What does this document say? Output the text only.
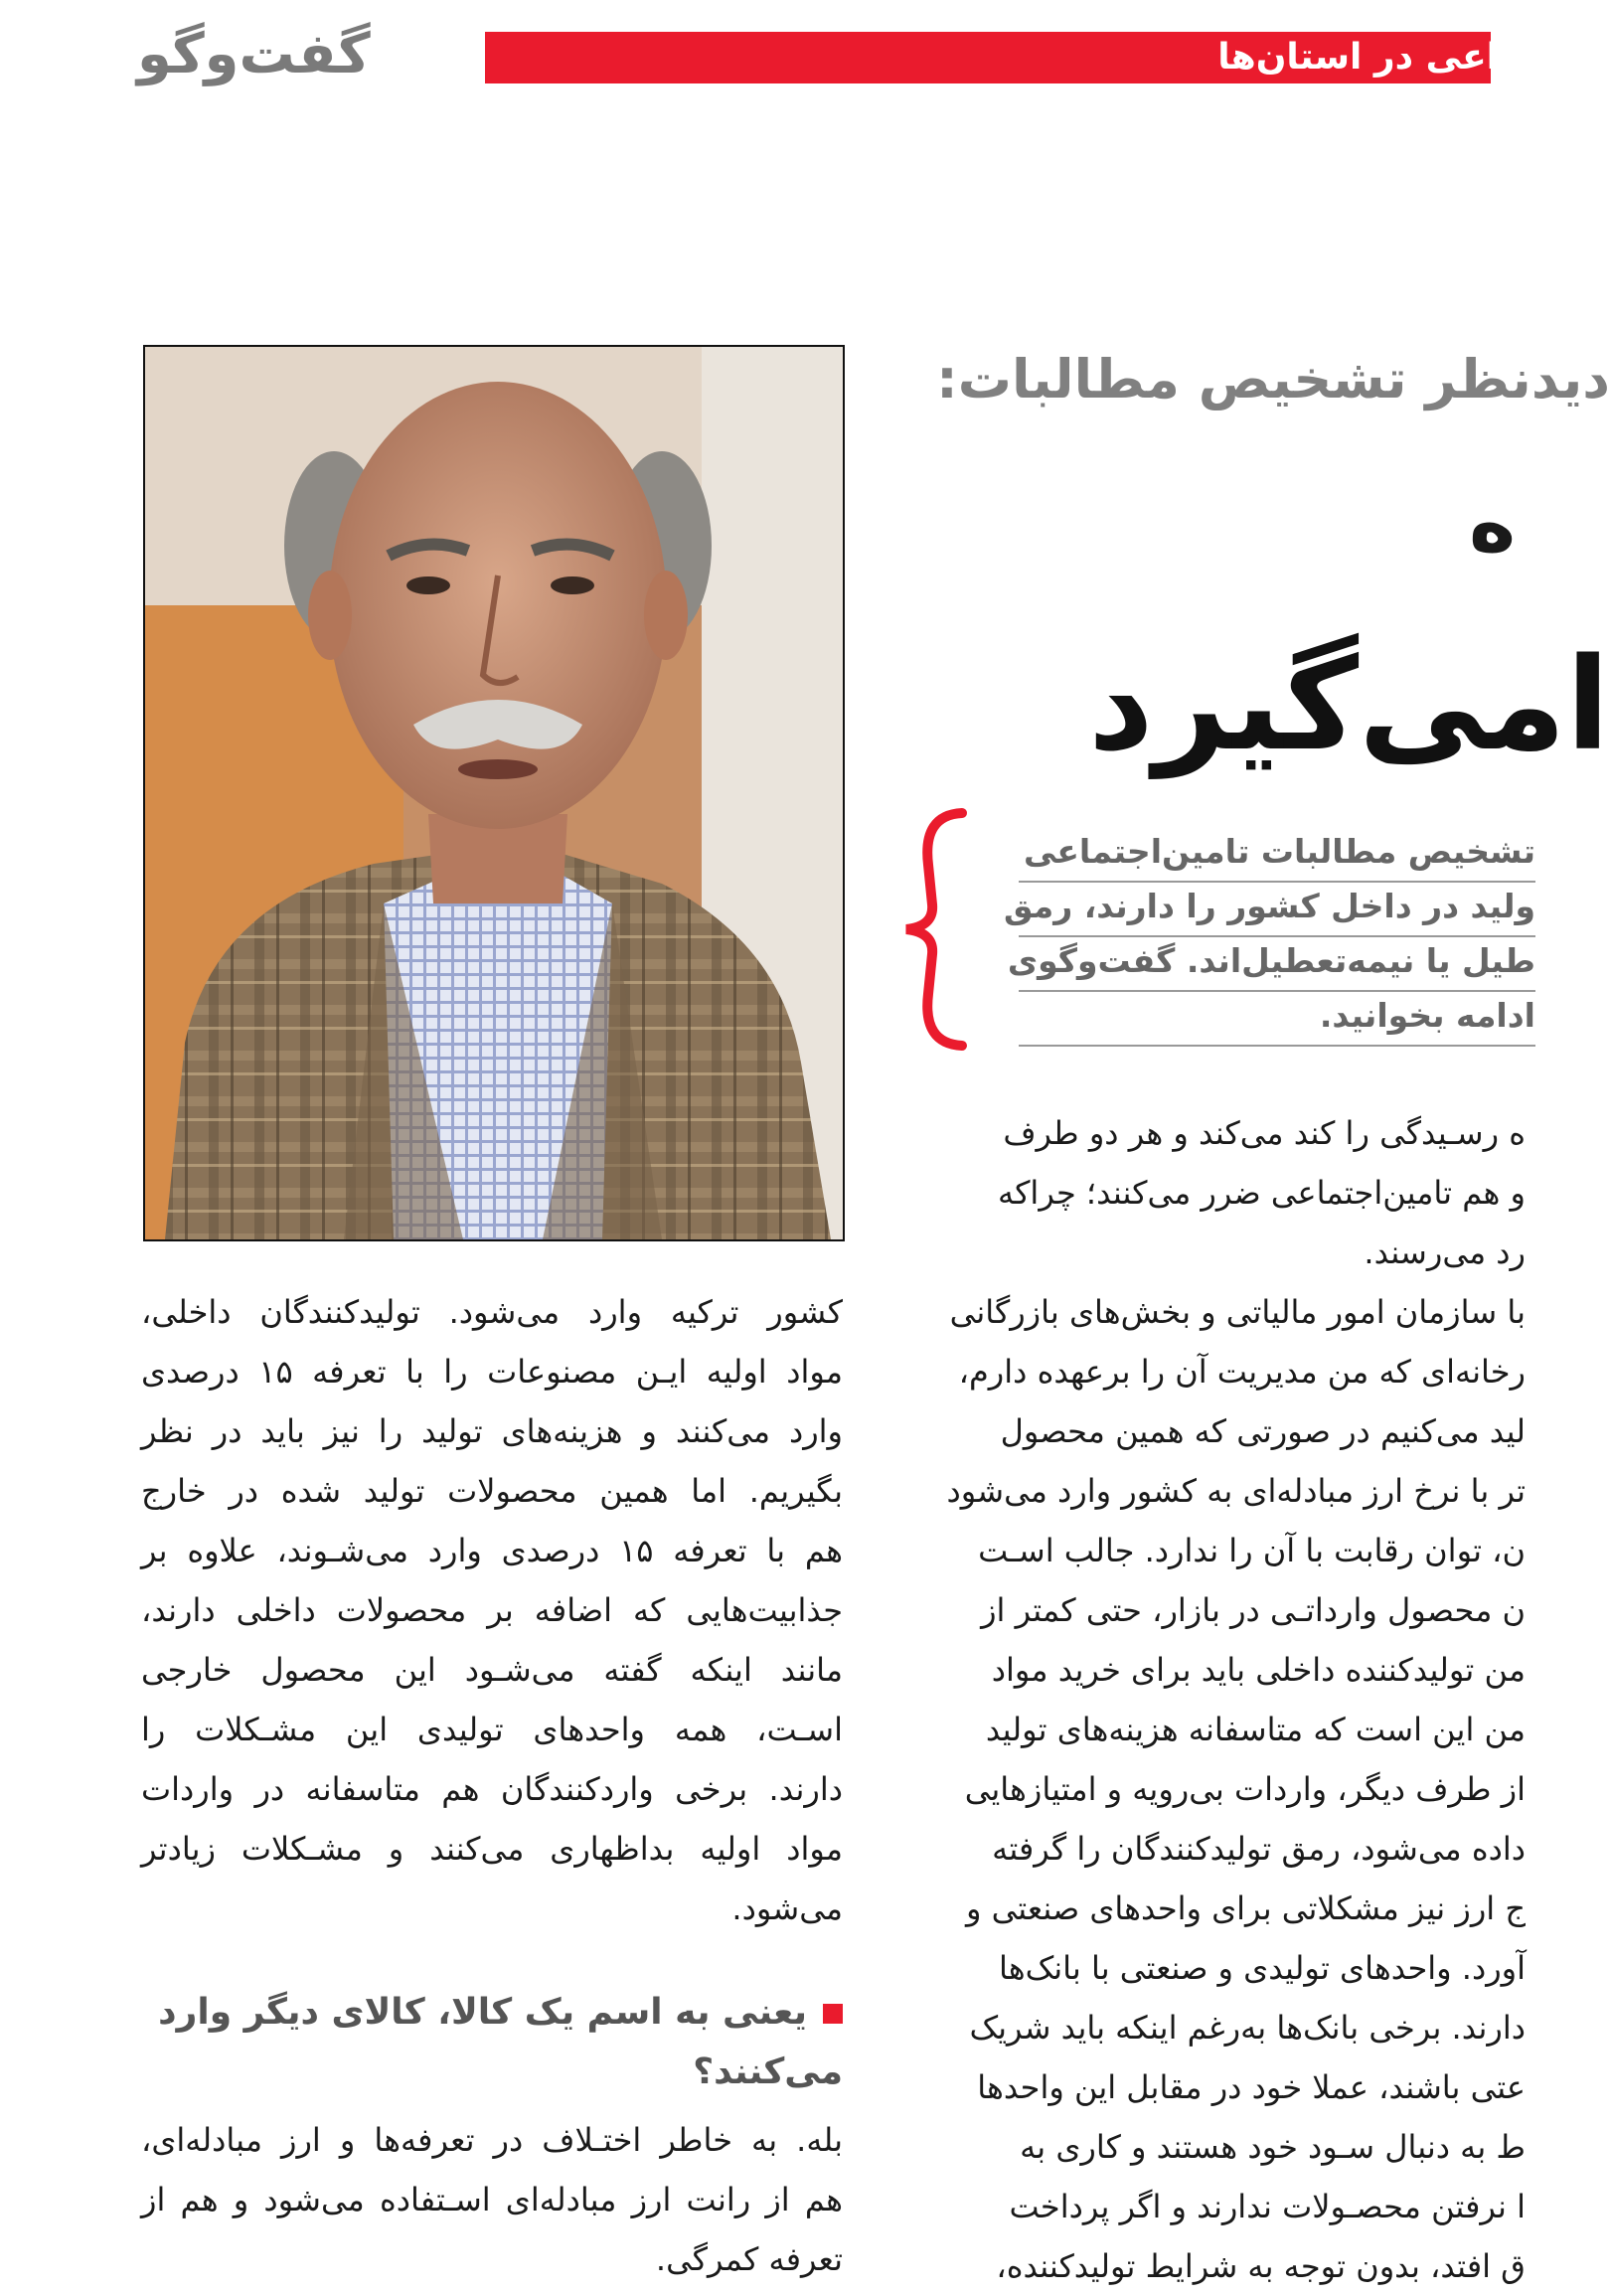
گفت‌وگو	اعی در استان‌ها
دیدنظر تشخیص مطالبات:
ه
امی‌گیرد
تشخیص مطالبات تامین‌اجتماعی
ولید در داخل کشور را دارند، رمق
طیل یا نیمه‌تعطیل‌اند. گفت‌وگوی
ادامه بخوانید.
ه رسـیدگی را کند می‌کند و هر دو طرف
و هم تامین‌اجتماعی ضرر می‌کنند؛ چراکه
رد می‌رسند.
با سازمان امور مالیاتی و بخش‌های بازرگانی
رخانه‌ای که من مدیریت آن را برعهده دارم،
لید می‌کنیم در صورتی که همین محصول
تر با نرخ ارز مبادله‌ای به کشور وارد می‌شود
ن، توان رقابت با آن را ندارد. جالب اسـت
ن محصول وارداتـی در بازار، حتی کمتر از
من تولیدکننده داخلی باید برای خرید مواد
من این است که متاسفانه هزینه‌های تولید
از طرف دیگر، واردات بی‌رویه و امتیازهایی
داده می‌شود، رمق تولیدکنندگان را گرفته
ج ارز نیز مشکلاتی برای واحدهای صنعتی و
آورد. واحدهای تولیدی و صنعتی با بانک‌ها
دارند. برخی بانک‌ها به‌رغم اینکه باید شریک
عتی باشند، عملا خود در مقابل این واحدها
ط به دنبال سـود خود هستند و کاری به
ا نرفتن محصـولات ندارند و اگر پرداخت
ق افتد، بدون توجه به شرایط تولیدکننده،
کشور ترکیه وارد می‌شود. تولیدکنندگان داخلی،
مواد اولیه ایـن مصنوعات را با تعرفه ۱۵ درصدی
وارد می‌کنند و هزینه‌های تولید را نیز باید در نظر
بگیریم. اما همین محصولات تولید شده در خارج
هم با تعرفه ۱۵ درصدی وارد می‌شـوند، علاوه بر
جذابیت‌هایی که اضافه بر محصولات داخلی دارند،
مانند اینکه گفته می‌شـود این محصول خارجی
اسـت، همه واحدهای تولیدی این مشـکلات را
دارند. برخی واردکنندگان هم متاسفانه در واردات
مواد اولیه بداظهاری می‌کنند و مشـکلات زیادتر
می‌شود.
یعنی به اسم یک کالا، کالای دیگر وارد می‌کنند؟
بله. به خاطر اختـلاف در تعرفه‌ها و ارز مبادله‌ای،
هم از رانت ارز مبادله‌ای اسـتفاده می‌شود و هم از
تعرفه کمرگی.
